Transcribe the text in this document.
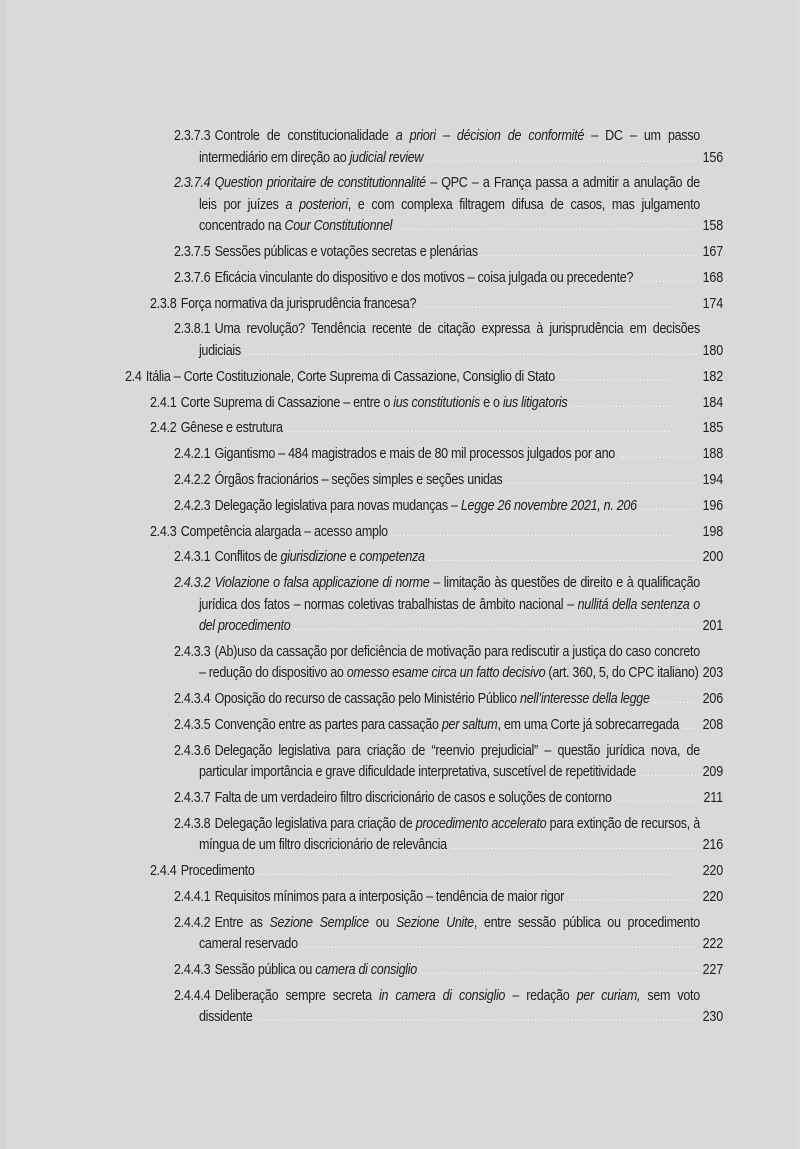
2.3.7.3 Controle de constitucionalidade a priori – décision de conformité – DC – um passo intermediário em direção ao judicial review .......................................................................... 156
2.3.7.4 Question prioritaire de constitutionnalité – QPC – a França passa a admitir a anulação de leis por juízes a posteriori, e com complexa filtragem difusa de casos, mas julgamento concentrado na Cour Constitutionnel .................................................................................. 158
2.3.7.5 Sessões públicas e votações secretas e plenárias ........................................................... 167
2.3.7.6 Eficácia vinculante do dispositivo e dos motivos – coisa julgada ou precedente? ................ 168
2.3.8 Força normativa da jurisprudência francesa? .....................................................................	174
2.3.8.1 Uma revolução? Tendência recente de citação expressa à jurisprudência em decisões judiciais ............................................................................................................................ 180
2.4 Itália – Corte Costituzionale, Corte Suprema di Cassazione, Consiglio di Stato ...............................	182
2.4.1 Corte Suprema di Cassazione – entre o ius constitutionis e o ius litigatoris ............................	184
2.4.2 Gênese e estrutura .........................................................................................................	185
2.4.2.1 Gigantismo – 484 magistrados e mais de 80 mil processos julgados por ano ..................... 188
2.4.2.2 Órgãos fracionários – seções simples e seções unidas .................................................... 194
2.4.2.3 Delegação legislativa para novas mudanças – Legge 26 novembre 2021, n. 206 ............... 196
2.4.3 Competência alargada – acesso amplo .............................................................................	198
2.4.3.1 Conflitos de giurisdizione e competenza ......................................................................... 200
2.4.3.2 Violazione o falsa applicazione di norme – limitação às questões de direito e à qualificação jurídica dos fatos – normas coletivas trabalhistas de âmbito nacional – nullitá della sentenza o del procedimento .............................................................................................................. 201
2.4.3.3 (Ab)uso da cassação por deficiência de motivação para rediscutir a justiça do caso concreto – redução do dispositivo ao omesso esame circa un fatto decisivo (art. 360, 5, do CPC italiano) 203
2.4.3.4 Oposição do recurso de cassação pelo Ministério Público nell’interesse della legge ............ 206
2.4.3.5 Convenção entre as partes para cassação per saltum, em uma Corte já sobrecarregada .... 208
2.4.3.6 Delegação legislativa para criação de “reenvio prejudicial” – questão jurídica nova, de particular importância e grave dificuldade interpretativa, suscetível de repetitividade ................ 209
2.4.3.7 Falta de um verdadeiro filtro discricionário de casos e soluções de contorno ...................... 211
2.4.3.8 Delegação legislativa para criação de procedimento accelerato para extinção de recursos, à míngua de um filtro discricionário de relevância ................................................................... 216
2.4.4 Procedimento .................................................................................................................	220
2.4.4.1 Requisitos mínimos para a interposição – tendência de maior rigor ................................... 220
2.4.4.2 Entre as Sezione Semplice ou Sezione Unite, entre sessão pública ou procedimento cameral reservado ............................................................................................................ 222
2.4.4.3 Sessão pública ou camera di consiglio ............................................................................ 227
2.4.4.4 Deliberação sempre secreta in camera di consiglio – redação per curiam, sem voto dissidente ........................................................................................................................ 230
